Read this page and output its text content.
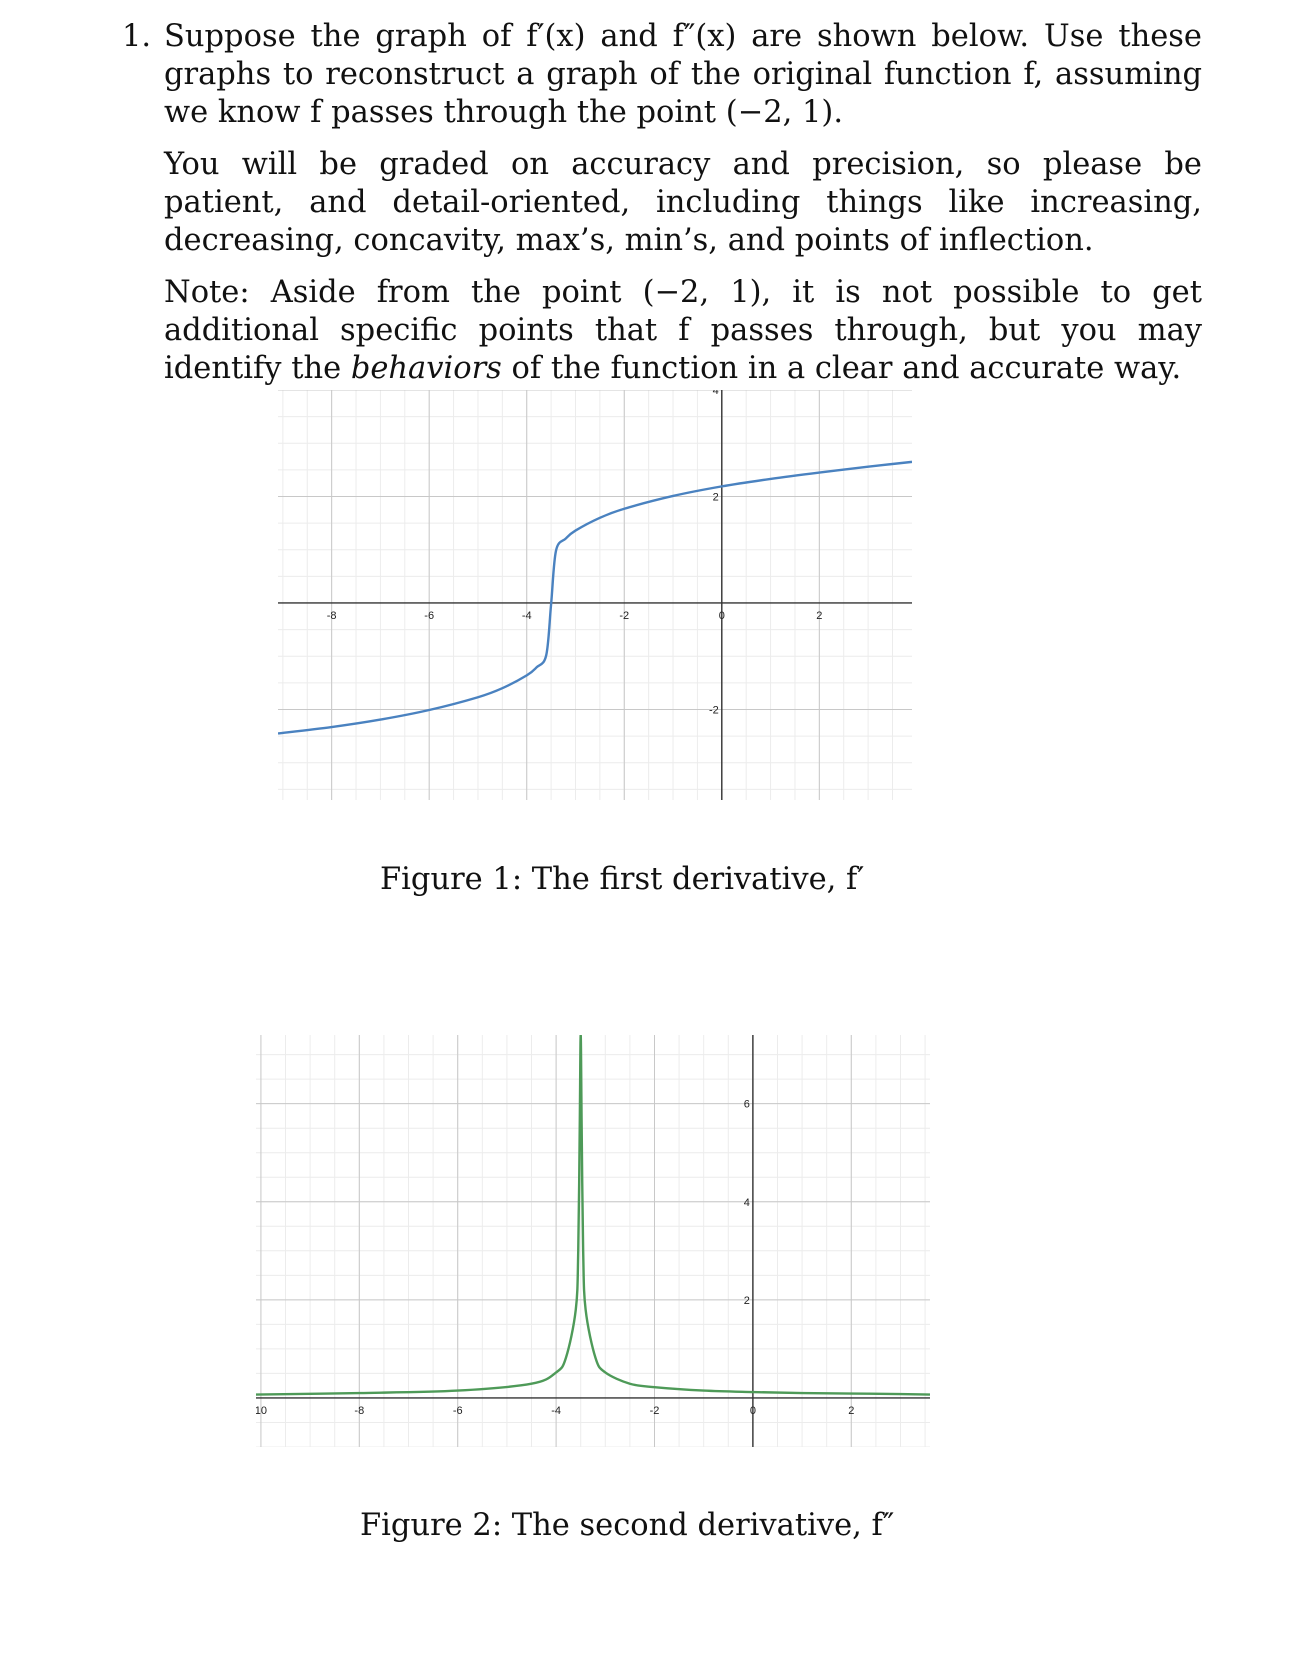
1. Suppose the graph of f′(x) and f″(x) are shown below. Use these graphs to reconstruct a graph of the original function f, assuming we know f passes through the point (−2, 1).
You will be graded on accuracy and precision, so please be patient, and detail-oriented, including things like increasing, decreasing, concavity, max’s, min’s, and points of inflection.
Note: Aside from the point (−2, 1), it is not possible to get additional specific points that f passes through, but you may identify the behaviors of the function in a clear and accurate way.
-8	-6	-4	-2	0	2
4
2
-2
Figure 1: The first derivative, f′
10	-8	-6	-4	-2	0	2
6
4
2
Figure 2: The second derivative, f″
